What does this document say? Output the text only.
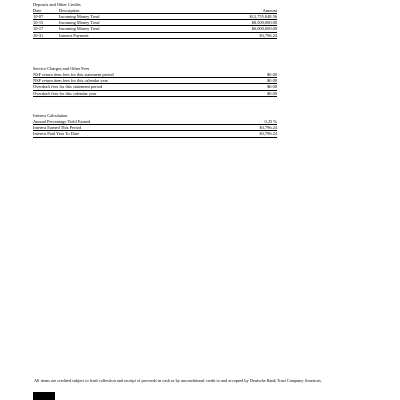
Deposits and Other Credits
Date	Description	Amount
10-07	Incoming Money Trnsf	$12,755,048.56
10-15	Incoming Money Trnsf	$8,500,000.00
10-17	Incoming Money Trnsf	$6,000,000.00
10-31	Interest Payment	$3,796.24
Service Charges and Other Fees
NSF return item fees for this statement period	$0.00
NSF return item fees for this calendar year	$0.00
Overdraft fees for this statement period	$0.00
Overdraft fees for this calendar year	$0.00
Interest Calculation
Annual Percentage Yield Earned	0.25 %
Interest Earned This Period	$3,796.24
Interest Paid Year To Date	$3,796.24
All items are credited subject to final collection and receipt of proceeds in cash or by unconditional credit to and accepted by Deutsche Bank Trust Company Americas.
